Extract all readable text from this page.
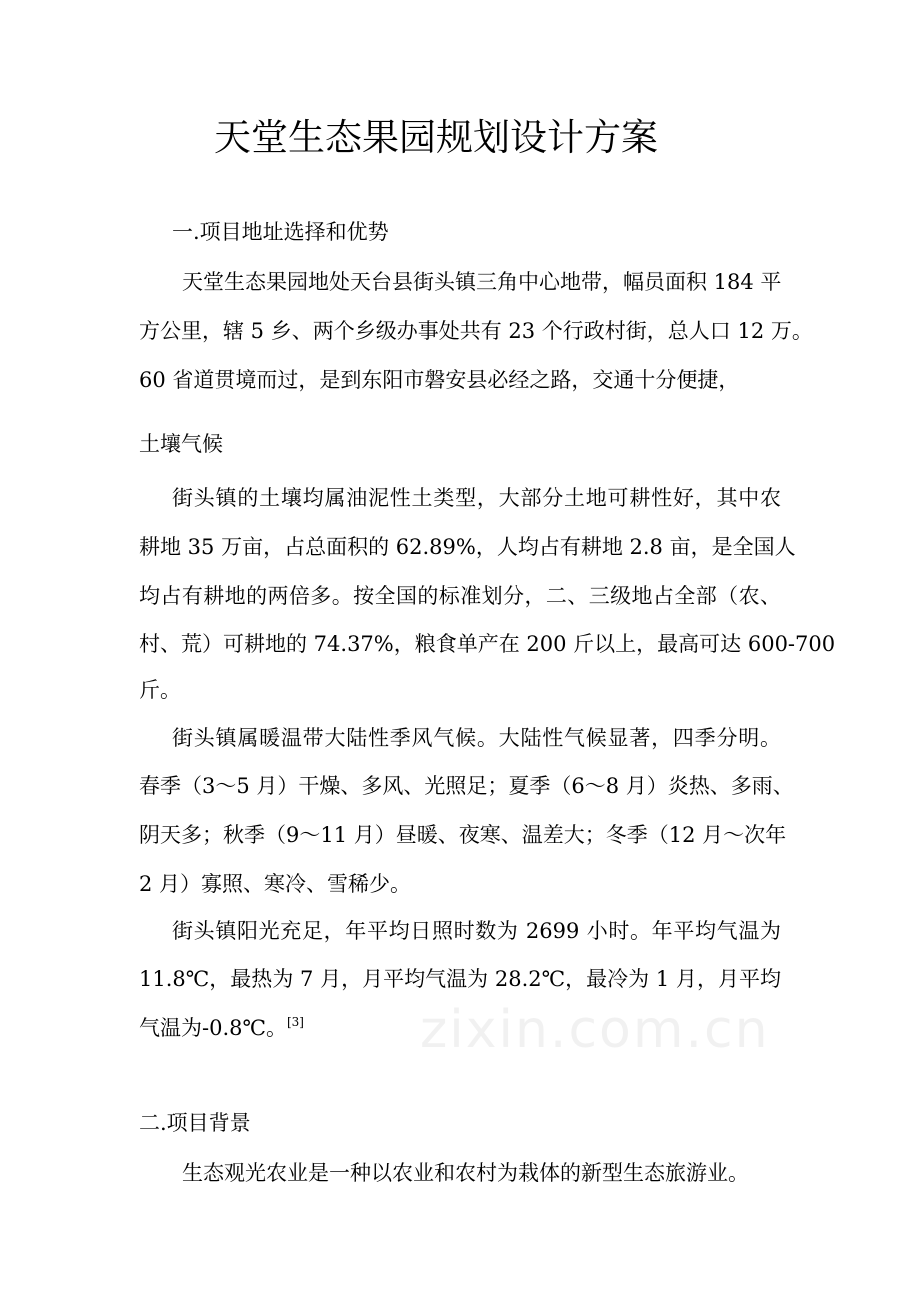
天堂生态果园规划设计方案
一.项目地址选择和优势
天堂生态果园地处天台县街头镇三角中心地带，幅员面积 184 平
方公里，辖 5 乡、两个乡级办事处共有 23 个行政村街，总人口 12 万。
60 省道贯境而过，是到东阳市磐安县必经之路，交通十分便捷，
土壤气候
街头镇的土壤均属油泥性土类型，大部分土地可耕性好，其中农
耕地 35 万亩，占总面积的 62.89%，人均占有耕地 2.8 亩，是全国人
均占有耕地的两倍多。按全国的标准划分，二、三级地占全部（农、
村、荒）可耕地的 74.37%，粮食单产在 200 斤以上，最高可达 600-700
斤。
街头镇属暖温带大陆性季风气候。大陆性气候显著，四季分明。
春季（3～5 月）干燥、多风、光照足；夏季（6～8 月）炎热、多雨、
阴天多；秋季（9～11 月）昼暖、夜寒、温差大；冬季（12 月～次年
2 月）寡照、寒冷、雪稀少。
街头镇阳光充足，年平均日照时数为 2699 小时。年平均气温为
11.8℃，最热为 7 月，月平均气温为 28.2℃，最冷为 1 月，月平均
气温为-0.8℃。[3] zixin.com.cn
二.项目背景
生态观光农业是一种以农业和农村为栽体的新型生态旅游业。
